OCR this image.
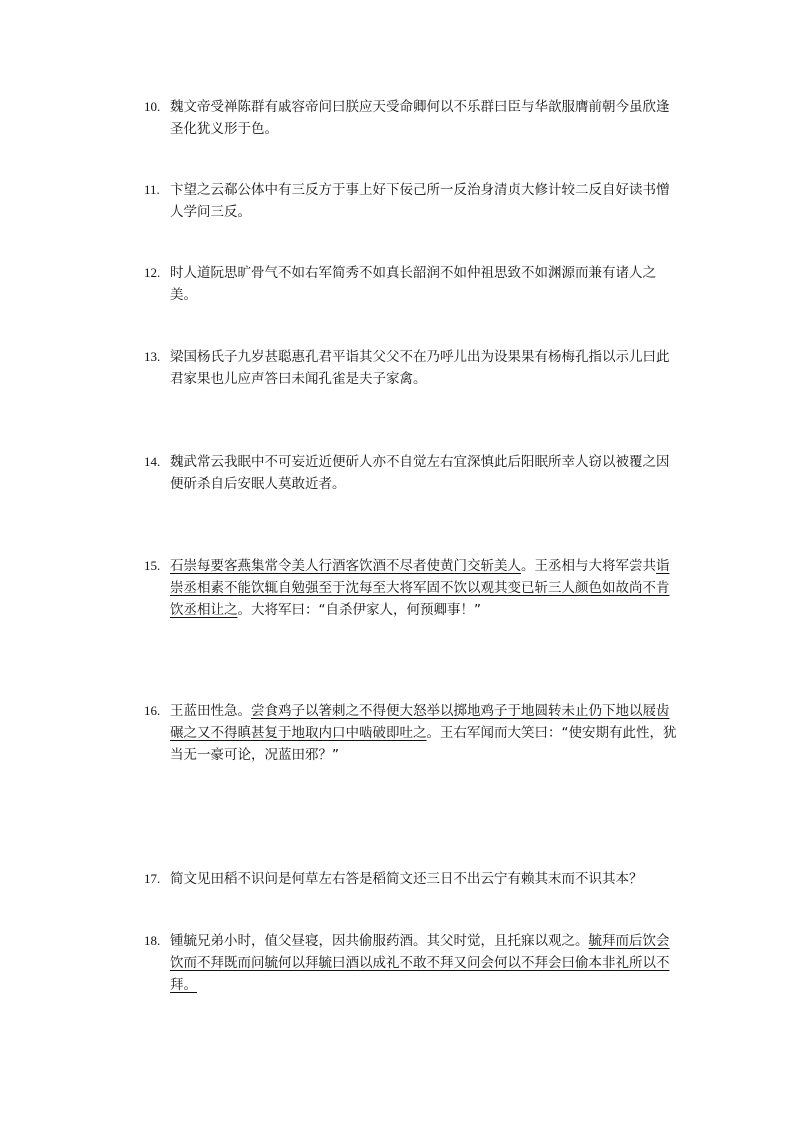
10. 魏文帝受禅陈群有戚容帝问曰朕应天受命卿何以不乐群曰臣与华歆服膺前朝今虽欣逢圣化犹义形于色。
11. 卞望之云郗公体中有三反方于事上好下佞己所一反治身清贞大修计较二反自好读书憎人学问三反。
12. 时人道阮思旷骨气不如右军简秀不如真长韶润不如仲祖思致不如渊源而兼有诸人之美。
13. 梁国杨氏子九岁甚聪惠孔君平诣其父父不在乃呼儿出为设果果有杨梅孔指以示儿曰此君家果也儿应声答曰未闻孔雀是夫子家禽。
14. 魏武常云我眠中不可妄近近便斫人亦不自觉左右宜深慎此后阳眠所幸人窃以被覆之因便斫杀自后安眠人莫敢近者。
15. 石崇每要客燕集常令美人行酒客饮酒不尽者使黄门交斩美人。王丞相与大将军尝共诣崇丞相素不能饮辄自勉强至于沈每至大将军固不饮以观其变已斩三人颜色如故尚不肯饮丞相让之。大将军曰：“自杀伊家人，何预卿事！”
16. 王蓝田性急。尝食鸡子以箸刺之不得便大怒举以掷地鸡子于地圆转未止仍下地以屐齿碾之又不得瞋甚复于地取内口中啮破即吐之。王右军闻而大笑曰：“使安期有此性，犹当无一豪可论，况蓝田邪？”
17. 简文见田稻不识问是何草左右答是稻简文还三日不出云宁有赖其末而不识其本？
18. 锺毓兄弟小时，值父昼寝，因共偷服药酒。其父时觉，且托寐以观之。毓拜而后饮会饮而不拜既而问毓何以拜毓曰酒以成礼不敢不拜又问会何以不拜会曰偷本非礼所以不拜。
